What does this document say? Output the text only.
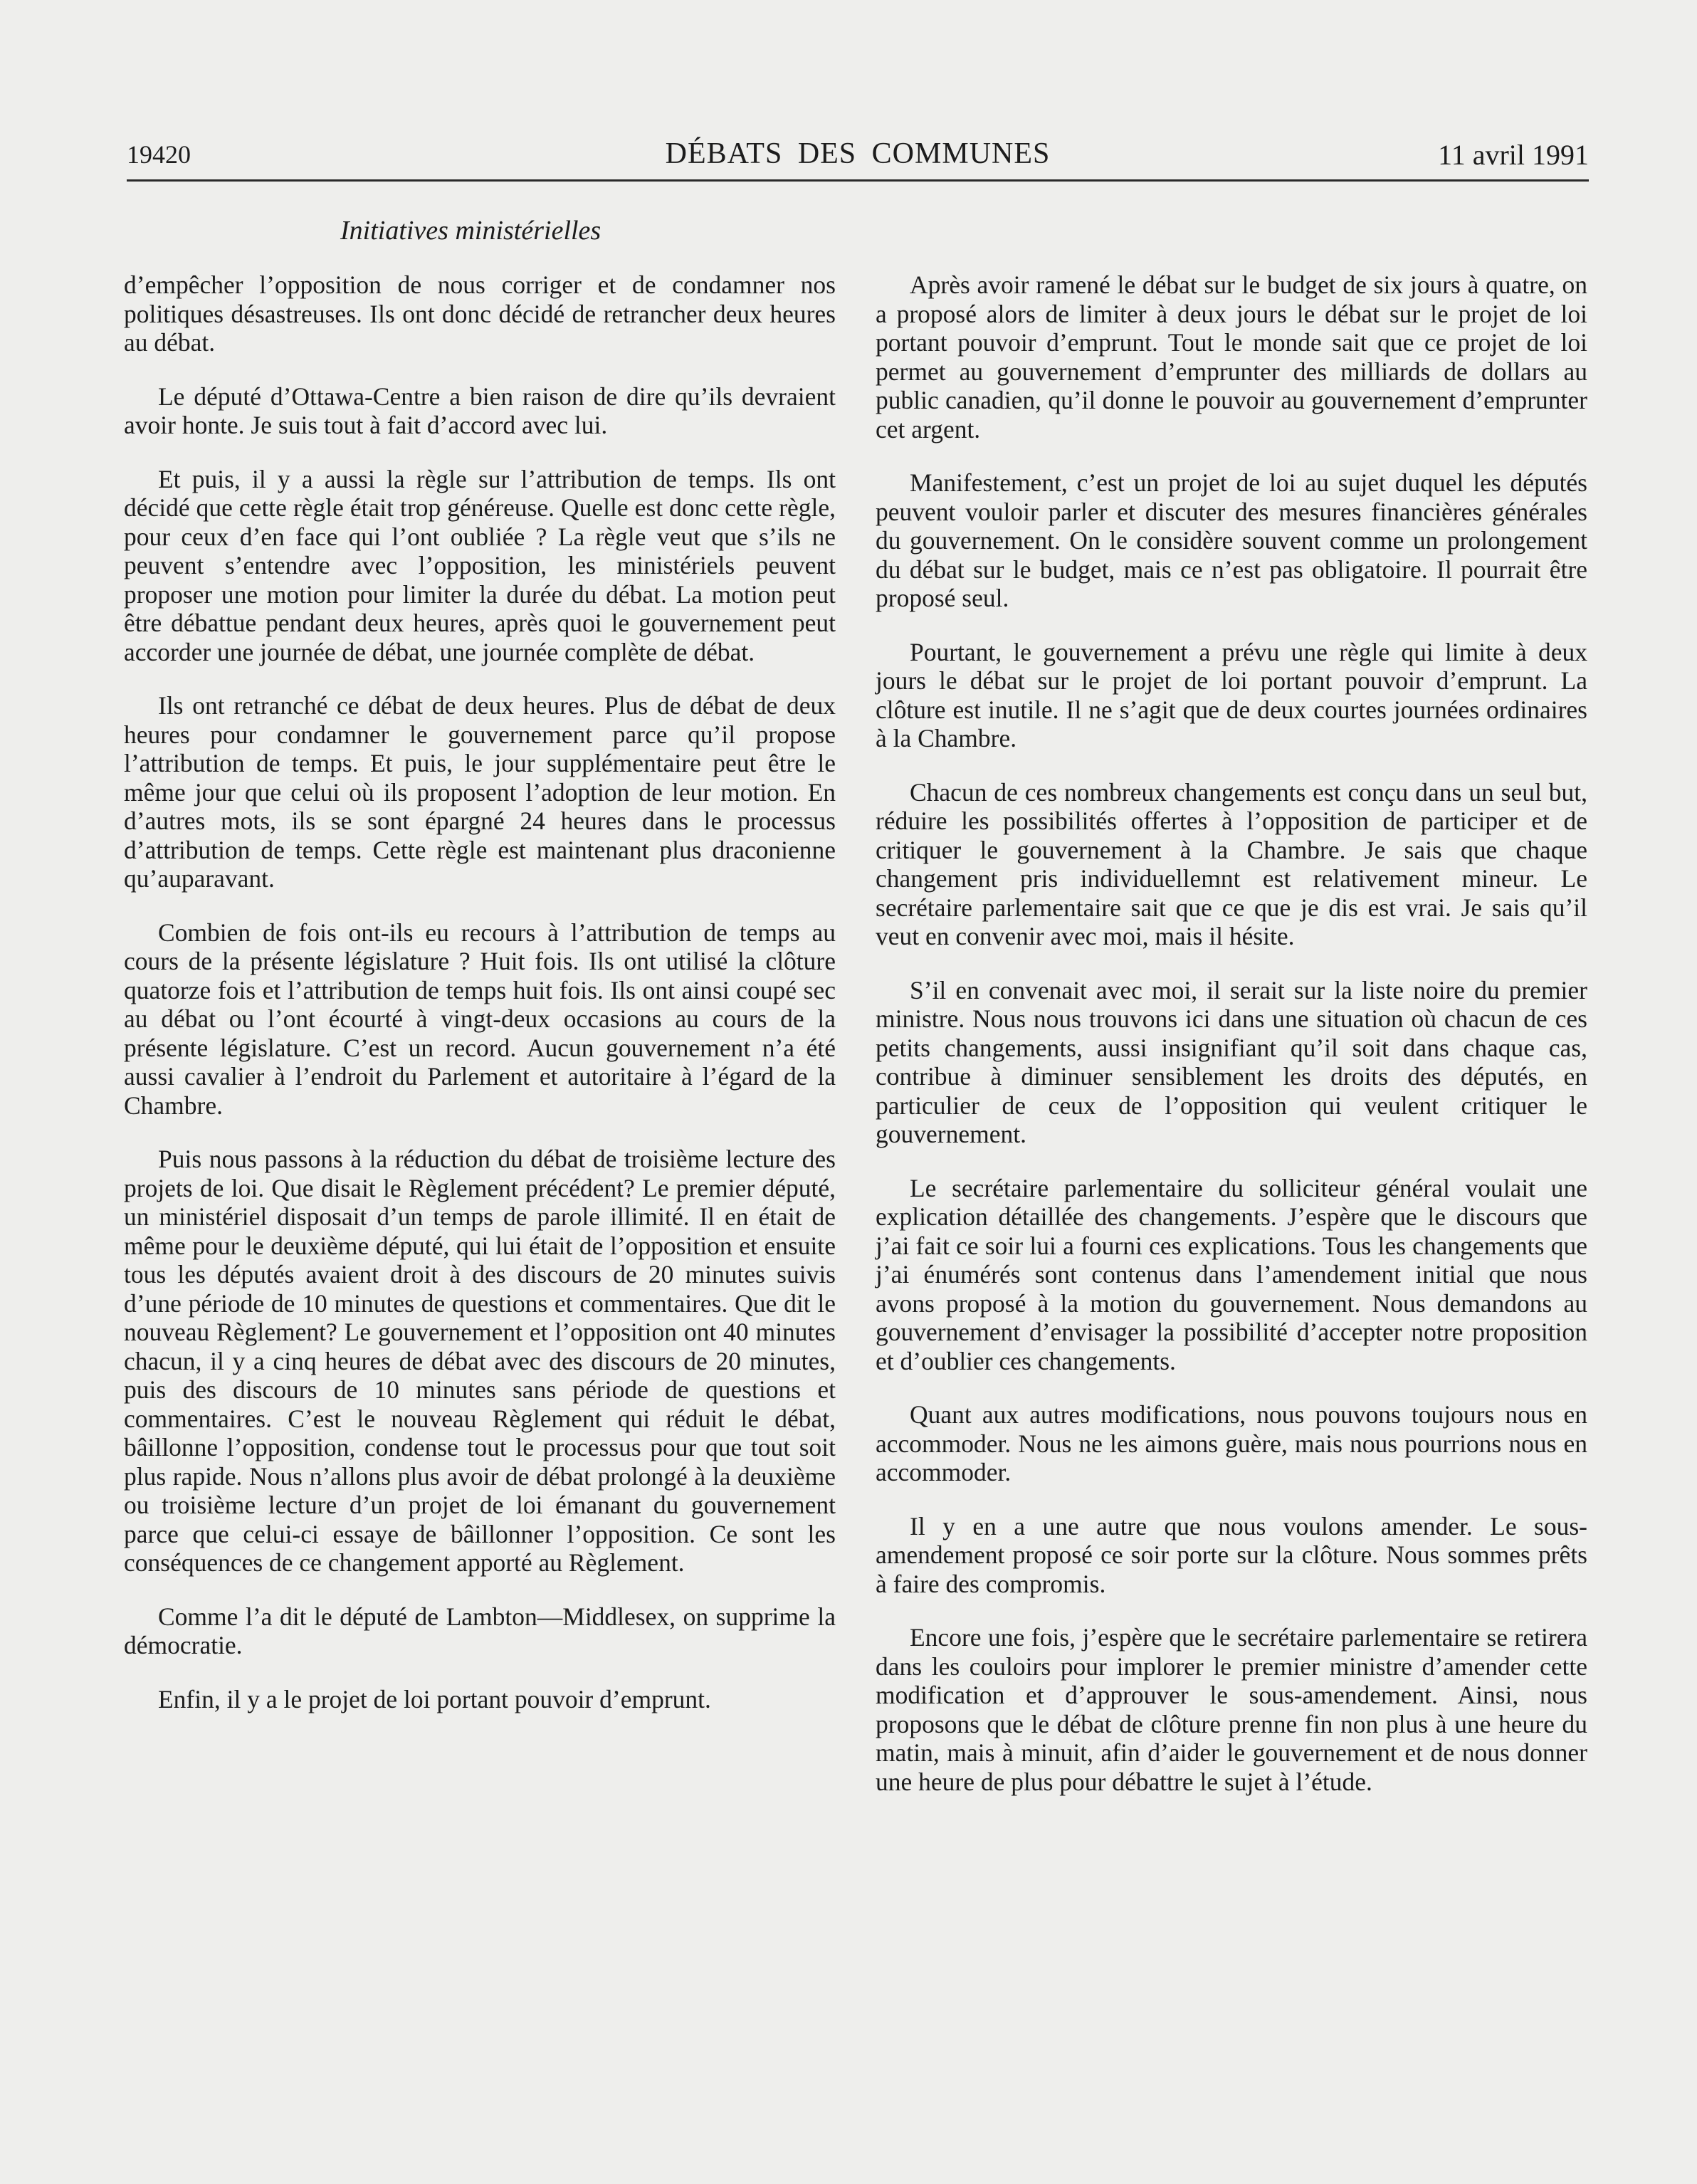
19420	DÉBATS DES COMMUNES	11 avril 1991
Initiatives ministérielles

d’empêcher l’opposition de nous corriger et de condamner nos politiques désastreuses. Ils ont donc décidé de retrancher deux heures au débat.

Le député d’Ottawa-Centre a bien raison de dire qu’ils devraient avoir honte. Je suis tout à fait d’accord avec lui.

Et puis, il y a aussi la règle sur l’attribution de temps. Ils ont décidé que cette règle était trop généreuse. Quelle est donc cette règle, pour ceux d’en face qui l’ont oubliée ? La règle veut que s’ils ne peuvent s’entendre avec l’opposition, les ministériels peuvent proposer une motion pour limiter la durée du débat. La motion peut être débattue pendant deux heures, après quoi le gouvernement peut accorder une journée de débat, une journée complète de débat.

Ils ont retranché ce débat de deux heures. Plus de débat de deux heures pour condamner le gouvernement parce qu’il propose l’attribution de temps. Et puis, le jour supplémentaire peut être le même jour que celui où ils proposent l’adoption de leur motion. En d’autres mots, ils se sont épargné 24 heures dans le processus d’attribution de temps. Cette règle est maintenant plus draconienne qu’auparavant.

Combien de fois ont-ils eu recours à l’attribution de temps au cours de la présente législature ? Huit fois. Ils ont utilisé la clôture quatorze fois et l’attribution de temps huit fois. Ils ont ainsi coupé sec au débat ou l’ont écourté à vingt-deux occasions au cours de la présente législature. C’est un record. Aucun gouvernement n’a été aussi cavalier à l’endroit du Parlement et autoritaire à l’égard de la Chambre.

Puis nous passons à la réduction du débat de troisième lecture des projets de loi. Que disait le Règlement précédent? Le premier député, un ministériel disposait d’un temps de parole illimité. Il en était de même pour le deuxième député, qui lui était de l’opposition et ensuite tous les députés avaient droit à des discours de 20 minutes suivis d’une période de 10 minutes de questions et commentaires. Que dit le nouveau Règlement? Le gouvernement et l’opposition ont 40 minutes chacun, il y a cinq heures de débat avec des discours de 20 minutes, puis des discours de 10 minutes sans période de questions et commentaires. C’est le nouveau Règlement qui réduit le débat, bâillonne l’opposition, condense tout le processus pour que tout soit plus rapide. Nous n’allons plus avoir de débat prolongé à la deuxième ou troisième lecture d’un projet de loi émanant du gouvernement parce que celui-ci essaye de bâillonner l’opposition. Ce sont les conséquences de ce changement apporté au Règlement.

Comme l’a dit le député de Lambton—Middlesex, on supprime la démocratie.

Enfin, il y a le projet de loi portant pouvoir d’emprunt.

Après avoir ramené le débat sur le budget de six jours à quatre, on a proposé alors de limiter à deux jours le débat sur le projet de loi portant pouvoir d’emprunt. Tout le monde sait que ce projet de loi permet au gouvernement d’emprunter des milliards de dollars au public canadien, qu’il donne le pouvoir au gouvernement d’emprunter cet argent.

Manifestement, c’est un projet de loi au sujet duquel les députés peuvent vouloir parler et discuter des mesures financières générales du gouvernement. On le considère souvent comme un prolongement du débat sur le budget, mais ce n’est pas obligatoire. Il pourrait être proposé seul.

Pourtant, le gouvernement a prévu une règle qui limite à deux jours le débat sur le projet de loi portant pouvoir d’emprunt. La clôture est inutile. Il ne s’agit que de deux courtes journées ordinaires à la Chambre.

Chacun de ces nombreux changements est conçu dans un seul but, réduire les possibilités offertes à l’opposition de participer et de critiquer le gouvernement à la Chambre. Je sais que chaque changement pris individuellemnt est relativement mineur. Le secrétaire parlementaire sait que ce que je dis est vrai. Je sais qu’il veut en convenir avec moi, mais il hésite.

S’il en convenait avec moi, il serait sur la liste noire du premier ministre. Nous nous trouvons ici dans une situation où chacun de ces petits changements, aussi insignifiant qu’il soit dans chaque cas, contribue à diminuer sensiblement les droits des députés, en particulier de ceux de l’opposition qui veulent critiquer le gouvernement.

Le secrétaire parlementaire du solliciteur général voulait une explication détaillée des changements. J’espère que le discours que j’ai fait ce soir lui a fourni ces explications. Tous les changements que j’ai énumérés sont contenus dans l’amendement initial que nous avons proposé à la motion du gouvernement. Nous demandons au gouvernement d’envisager la possibilité d’accepter notre proposition et d’oublier ces changements.

Quant aux autres modifications, nous pouvons toujours nous en accommoder. Nous ne les aimons guère, mais nous pourrions nous en accommoder.

Il y en a une autre que nous voulons amender. Le sous-amendement proposé ce soir porte sur la clôture. Nous sommes prêts à faire des compromis.

Encore une fois, j’espère que le secrétaire parlementaire se retirera dans les couloirs pour implorer le premier ministre d’amender cette modification et d’approuver le sous-amendement. Ainsi, nous proposons que le débat de clôture prenne fin non plus à une heure du matin, mais à minuit, afin d’aider le gouvernement et de nous donner une heure de plus pour débattre le sujet à l’étude.
